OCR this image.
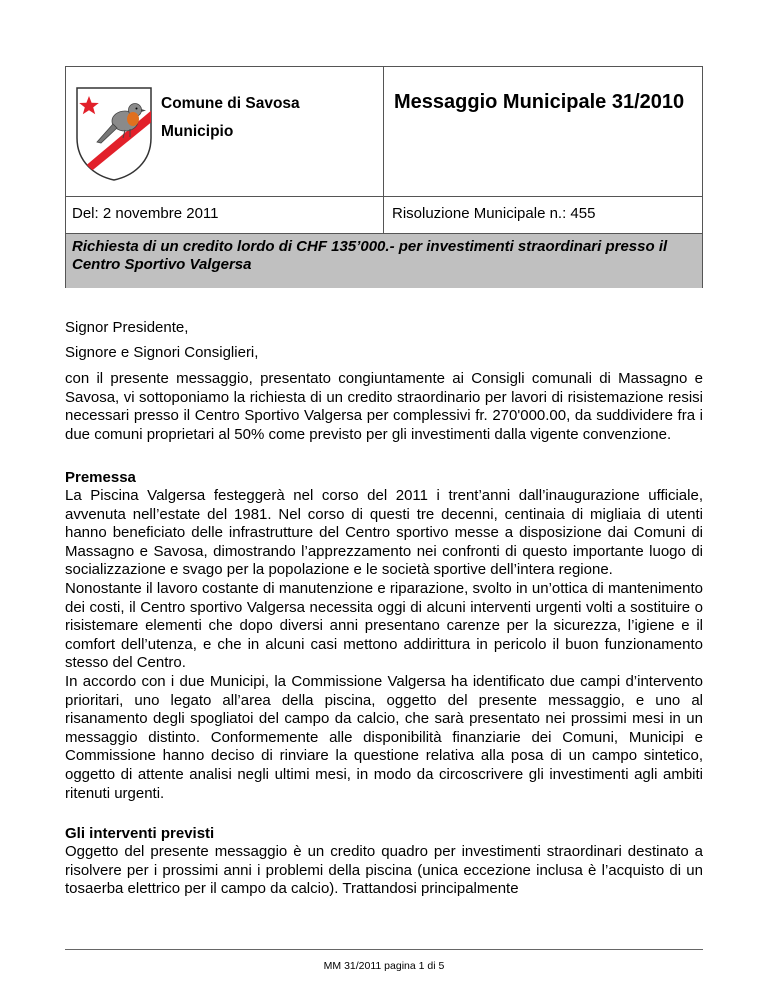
Comune di Savosa
Municipio
Messaggio Municipale 31/2010
Del: 2 novembre 2011	Risoluzione Municipale n.: 455
Richiesta di un credito lordo di CHF 135’000.- per investimenti straordinari presso il Centro Sportivo Valgersa
Signor Presidente,
Signore e Signori Consiglieri,
con il presente messaggio, presentato congiuntamente ai Consigli comunali di Massagno e Savosa, vi sottoponiamo la richiesta di un credito straordinario per lavori di risistemazione resisi necessari presso il Centro Sportivo Valgersa per complessivi fr. 270'000.00, da suddividere fra i due comuni proprietari al 50% come previsto per gli investimenti dalla vigente convenzione.
Premessa

La Piscina Valgersa festeggerà nel corso del 2011 i trent’anni dall’inaugurazione ufficiale, avvenuta nell’estate del 1981. Nel corso di questi tre decenni, centinaia di migliaia di utenti hanno beneficiato delle infrastrutture del Centro sportivo messe a disposizione dai Comuni di Massagno e Savosa, dimostrando l’apprezzamento nei confronti di questo importante luogo di socializzazione e svago per la popolazione e le società sportive dell’intera regione.

Nonostante il lavoro costante di manutenzione e riparazione, svolto in un’ottica di mantenimento dei costi, il Centro sportivo Valgersa necessita oggi di alcuni interventi urgenti volti a sostituire o risistemare elementi che dopo diversi anni presentano carenze per la sicurezza, l’igiene e il comfort dell’utenza, e che in alcuni casi mettono addirittura in pericolo il buon funzionamento stesso del Centro.

In accordo con i due Municipi, la Commissione Valgersa ha identificato due campi d’intervento prioritari, uno legato all’area della piscina, oggetto del presente messaggio, e uno al risanamento degli spogliatoi del campo da calcio, che sarà presentato nei prossimi mesi in un messaggio distinto. Conformemente alle disponibilità finanziarie dei Comuni, Municipi e Commissione hanno deciso di rinviare la questione relativa alla posa di un campo sintetico, oggetto di attente analisi negli ultimi mesi, in modo da circoscrivere gli investimenti agli ambiti ritenuti urgenti.

Gli interventi previsti
Oggetto del presente messaggio è un credito quadro per investimenti straordinari destinato a risolvere per i prossimi anni i problemi della piscina (unica eccezione inclusa è l’acquisto di un tosaerba elettrico per il campo da calcio). Trattandosi principalmente
MM 31/2011 pagina 1 di 5
